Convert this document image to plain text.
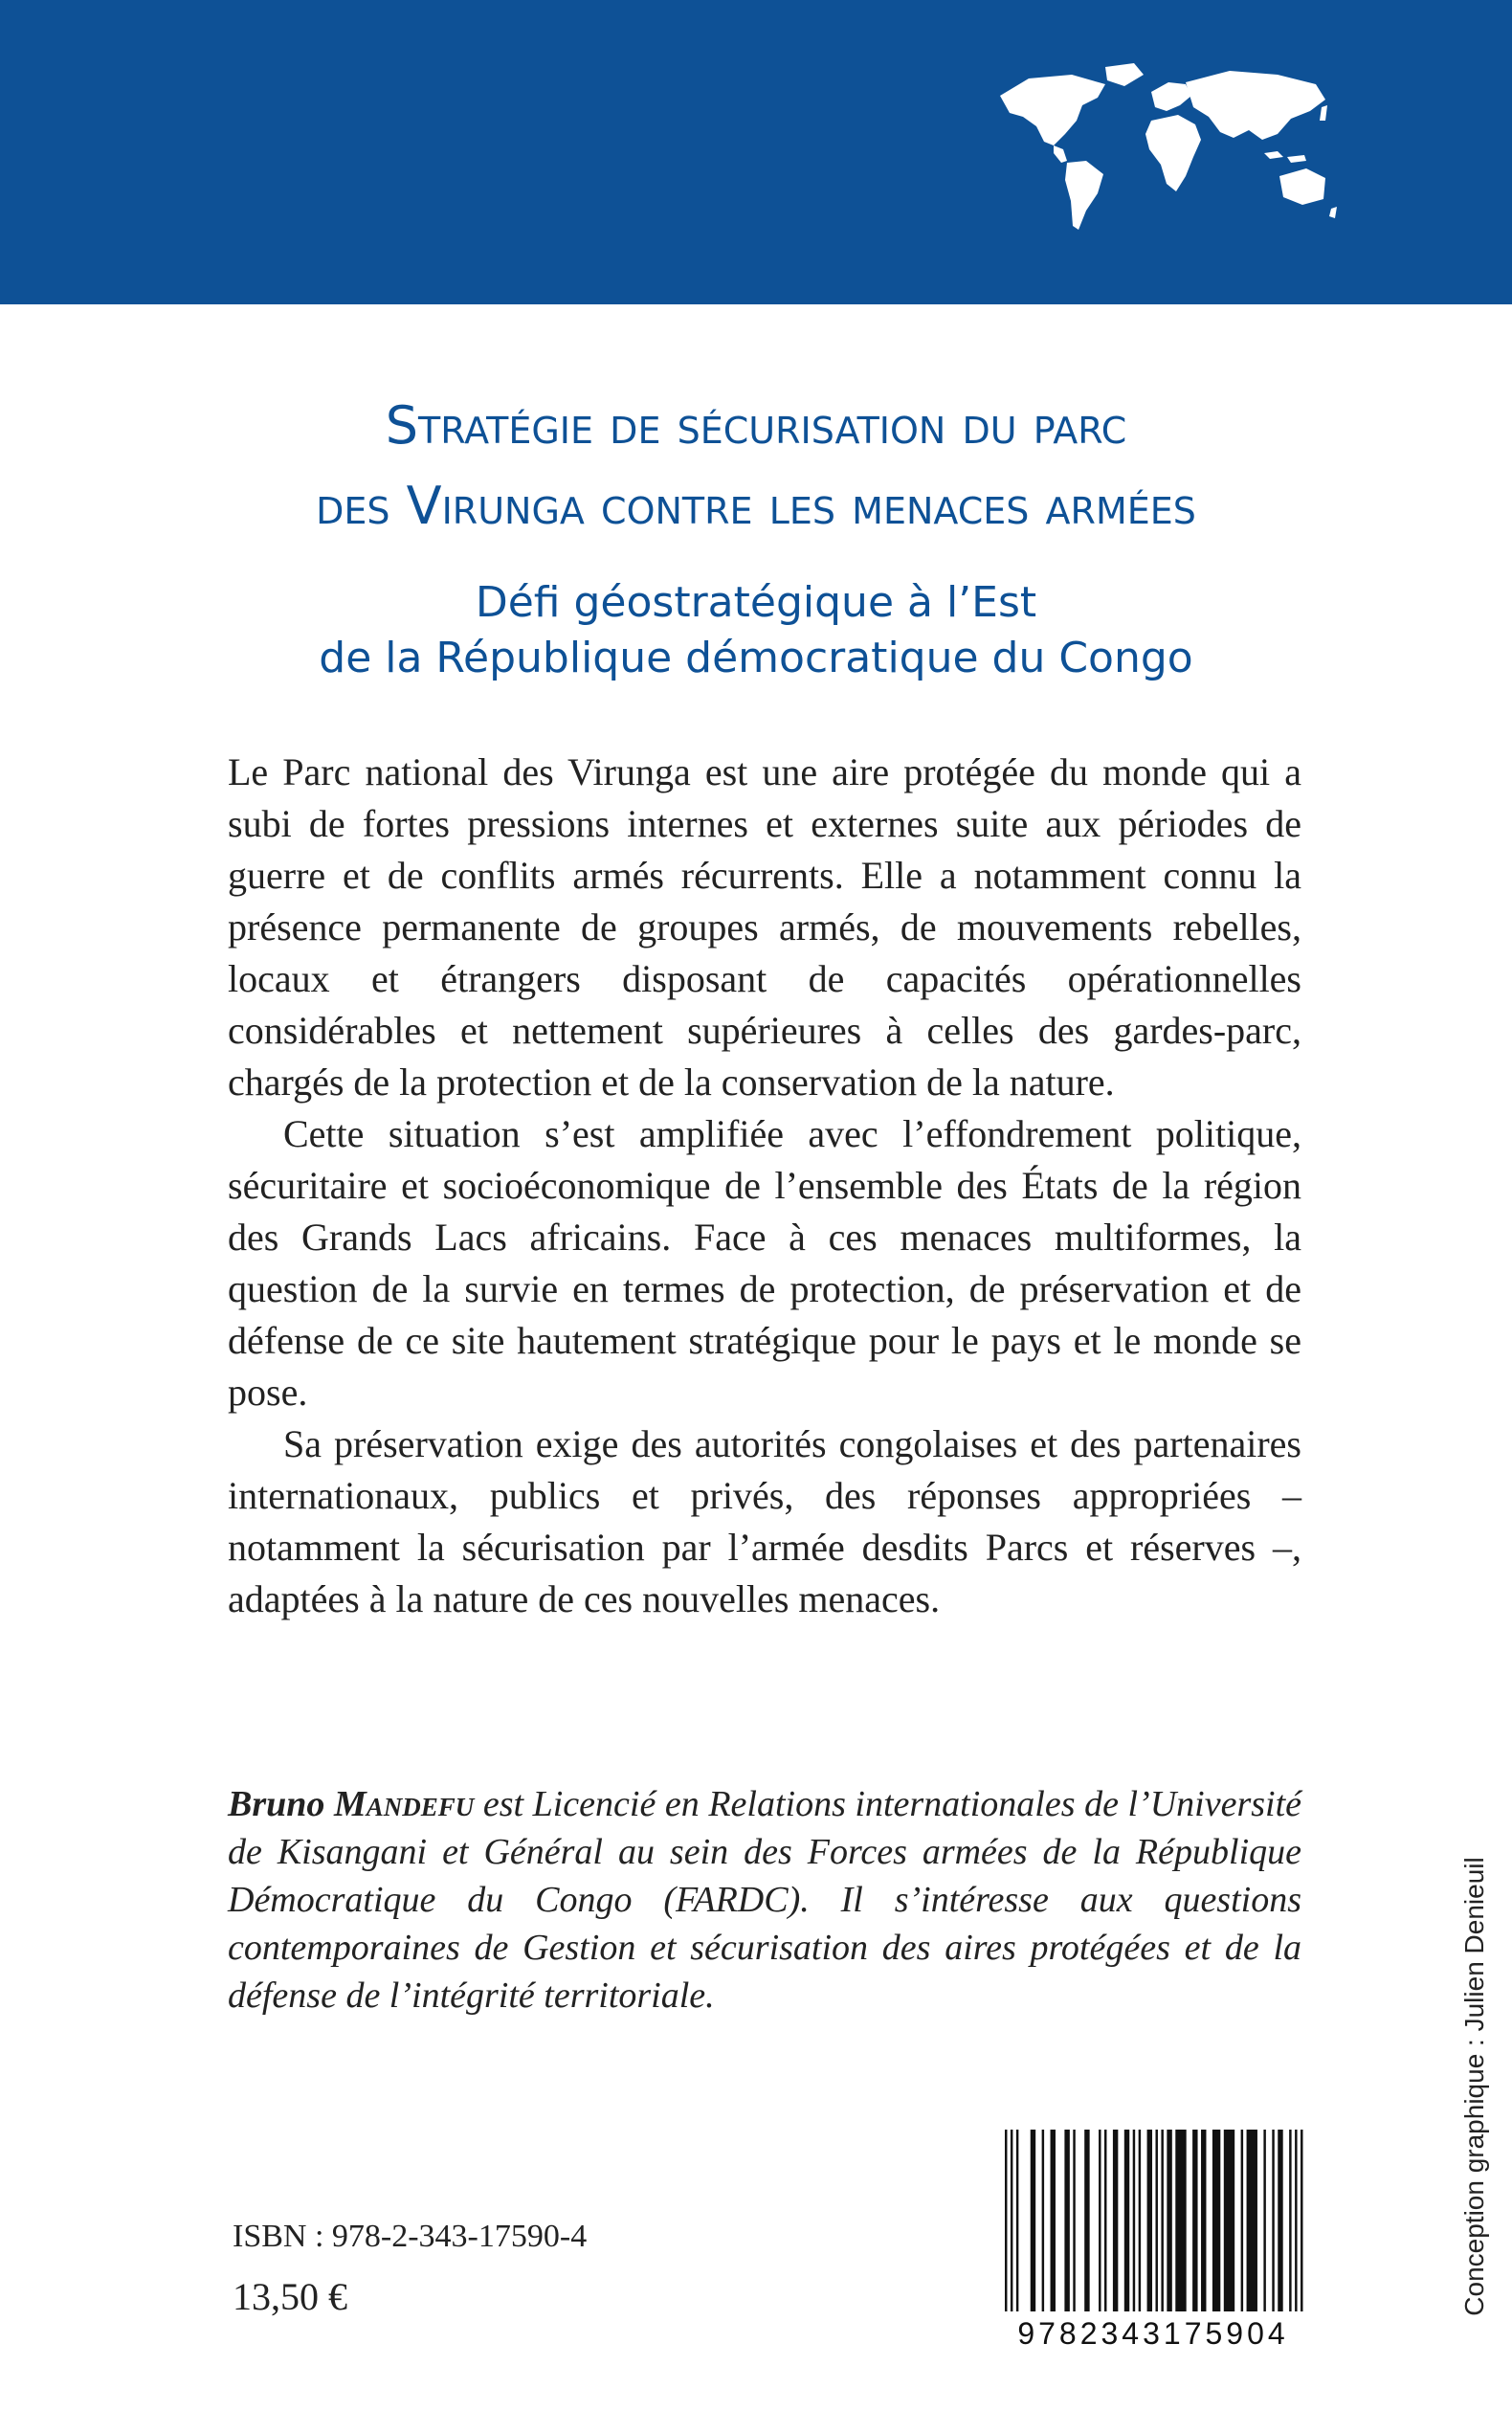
Stratégie de sécurisation du parc
des Virunga contre les menaces armées
Défi géostratégique à l’Est
de la République démocratique du Congo

Le Parc national des Virunga est une aire protégée du monde qui a subi de fortes pressions internes et externes suite aux périodes de guerre et de conflits armés récurrents. Elle a notamment connu la présence permanente de groupes armés, de mouvements rebelles, locaux et étrangers disposant de capacités opérationnelles considérables et nettement supérieures à celles des gardes-parc, chargés de la protection et de la conservation de la nature.

Cette situation s’est amplifiée avec l’effondrement politique, sécuritaire et socioéconomique de l’ensemble des États de la région des Grands Lacs africains. Face à ces menaces multiformes, la question de la survie en termes de protection, de préservation et de défense de ce site hautement stratégique pour le pays et le monde se pose.

Sa préservation exige des autorités congolaises et des partenaires internationaux, publics et privés, des réponses appropriées – notamment la sécurisation par l’armée desdits Parcs et réserves –, adaptées à la nature de ces nouvelles menaces.

Bruno Mandefu est Licencié en Relations internationales de l’Université de Kisangani et Général au sein des Forces armées de la République Démocratique du Congo (FARDC). Il s’intéresse aux questions contemporaines de Gestion et sécurisation des aires protégées et de la défense de l’intégrité territoriale.	Conception graphique : Julien Denieuil
9782343175904
ISBN : 978-2-343-17590-4
13,50 €
